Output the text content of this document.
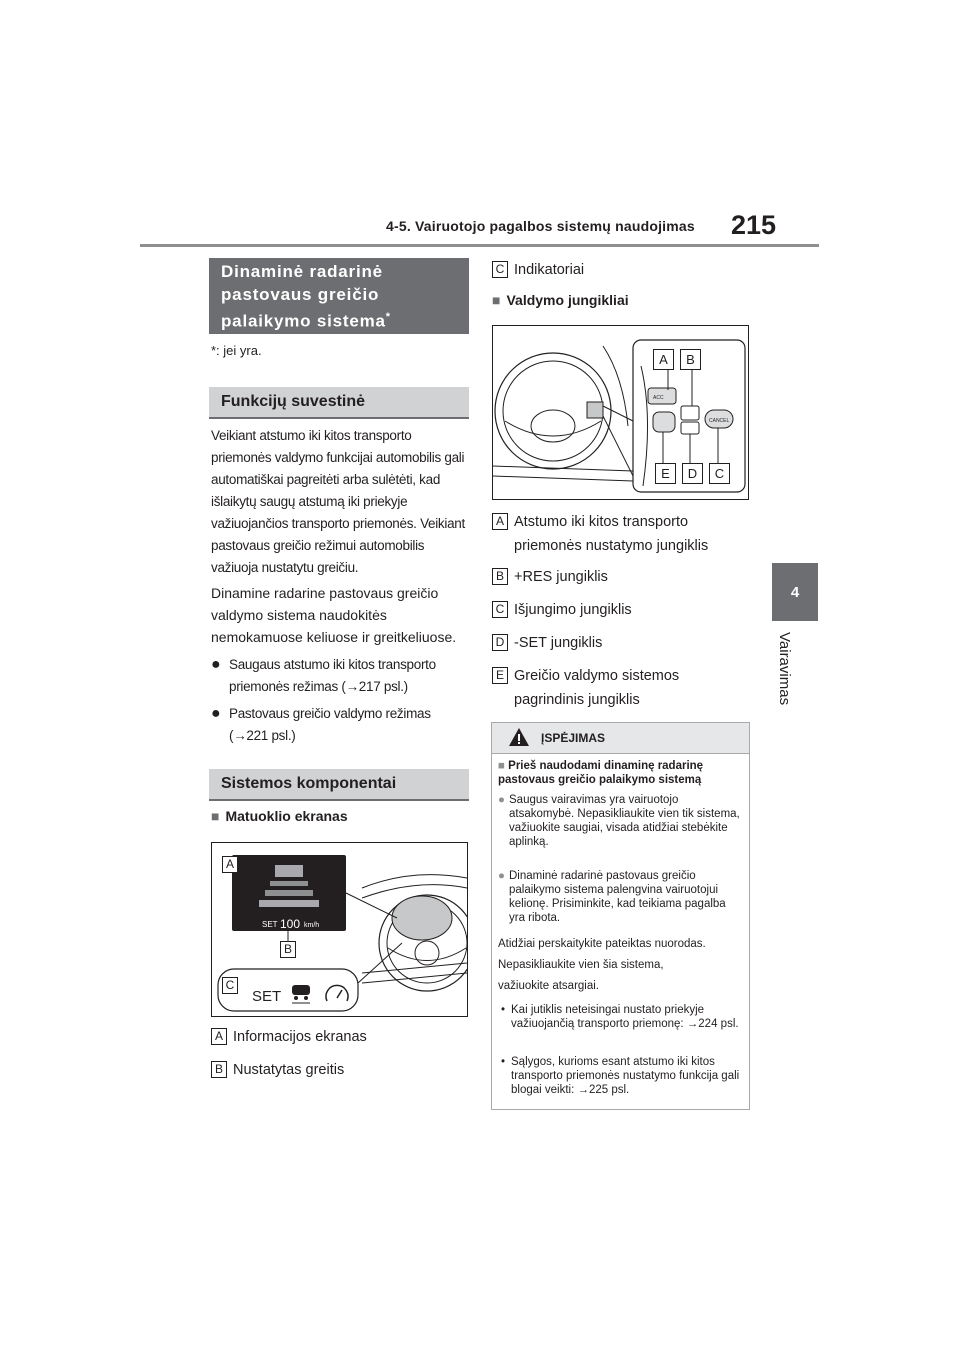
4-5. Vairuotojo pagalbos sistemų naudojimas 215
4
Vairavimas
Dinaminė radarinė pastovaus greičio palaikymo sistema*
*: jei yra.
Funkcijų suvestinė
Veikiant atstumo iki kitos transporto priemonės valdymo funkcijai automobilis gali automatiškai pagreitėti arba sulėtėti, kad išlaikytų saugų atstumą iki priekyje važiuojančios transporto priemonės. Veikiant pastovaus greičio režimui automobilis važiuoja nustatytu greičiu.
Dinamine radarine pastovaus greičio valdymo sistema naudokitės nemokamuose keliuose ir greitkeliuose.
● Saugaus atstumo iki kitos transporto priemonės režimas (→217 psl.)
● Pastovaus greičio valdymo režimas (→221 psl.)
Sistemos komponentai
■ Matuoklio ekranas
SET 100 km/h
SET
A
B
C
A Informacijos ekranas
B Nustatytas greitis
C Indikatoriai
■ Valdymo jungikliai
ACC
CANCEL
A	B
E	D	C
A Atstumo iki kitos transporto priemonės nustatymo jungiklis
B +RES jungiklis
C Išjungimo jungiklis
D -SET jungiklis
E Greičio valdymo sistemos pagrindinis jungiklis
ĮSPĖJIMAS
■ Prieš naudodami dinaminę radarinę pastovaus greičio palaikymo sistemą
● Saugus vairavimas yra vairuotojo atsakomybė. Nepasikliaukite vien tik sistema, važiuokite saugiai, visada atidžiai stebėkite aplinką.
● Dinaminė radarinė pastovaus greičio palaikymo sistema palengvina vairuotojui kelionę. Prisiminkite, kad teikiama pagalba yra ribota.
Atidžiai perskaitykite pateiktas nuorodas.
Nepasikliaukite vien šia sistema,
važiuokite atsargiai.
• Kai jutiklis neteisingai nustato priekyje važiuojančią transporto priemonę: →224 psl.
• Sąlygos, kurioms esant atstumo iki kitos transporto priemonės nustatymo funkcija gali blogai veikti: →225 psl.
